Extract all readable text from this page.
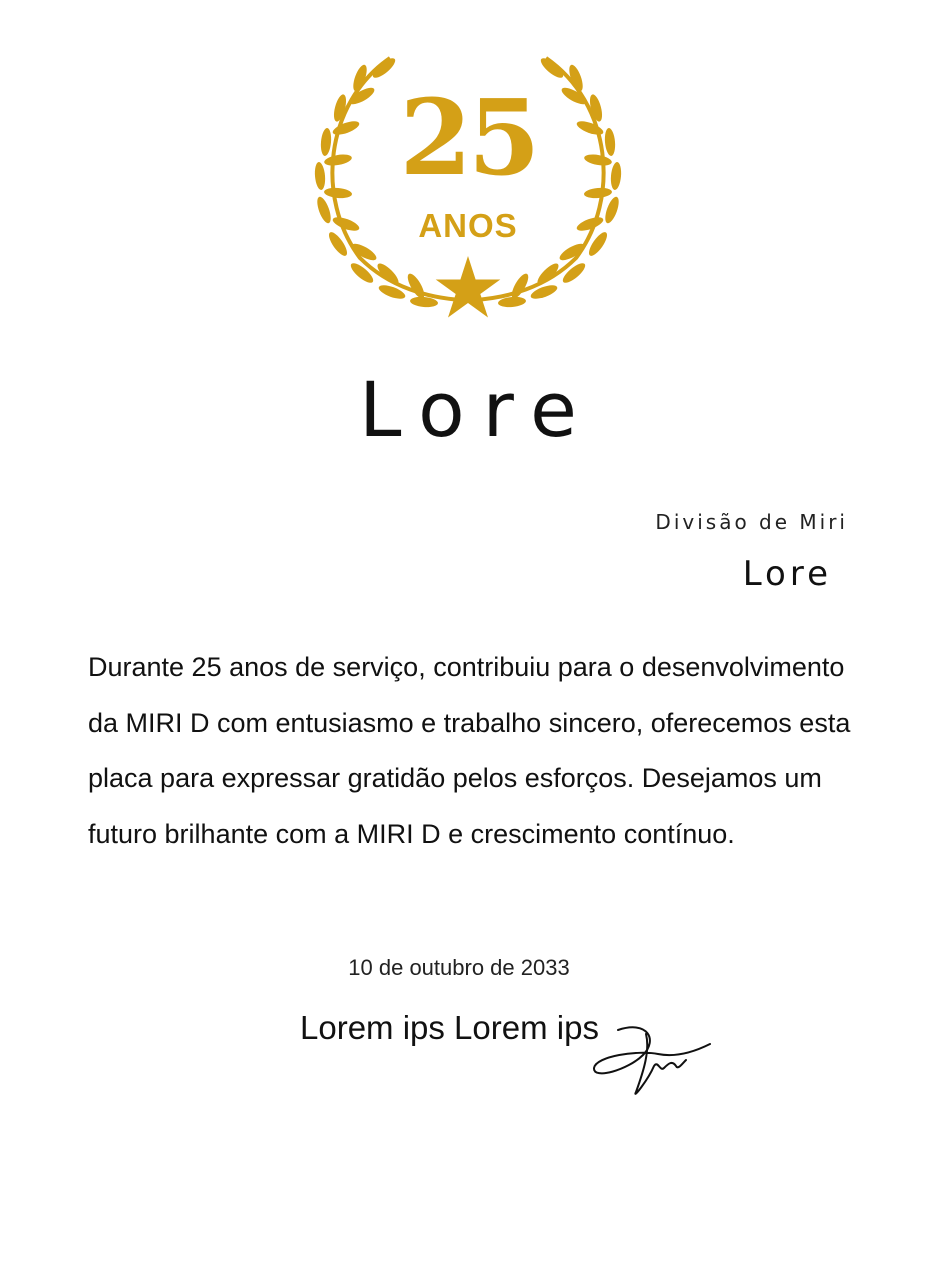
25
ANOS
Lore
Divisão de Miri
Lore
Durante 25 anos de serviço, contribuiu para o desenvolvimento da MIRI D com entusiasmo e trabalho sincero, oferecemos esta placa para expressar gratidão pelos esforços. Desejamos um futuro brilhante com a MIRI D e crescimento contínuo.
10 de outubro de 2033
Lorem ips Lorem ips
